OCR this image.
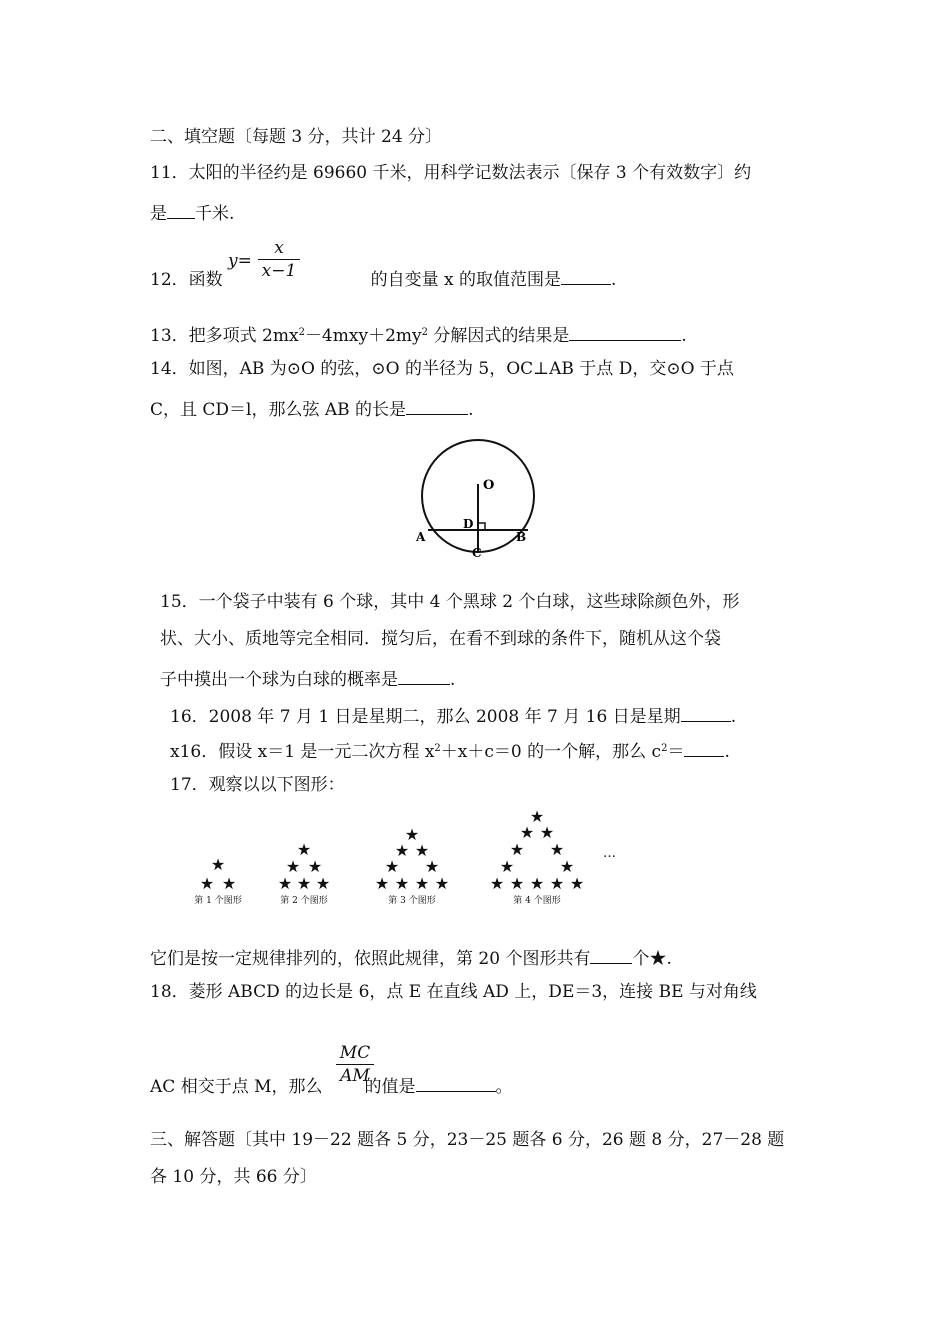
二、填空题〔每题 3 分，共计 24 分〕
11．太阳的半径约是 69660 千米，用科学记数法表示〔保存 3 个有效数字〕约
是 千米.
12．函数	的自变量 x 的取值范围是	.
y=
x
x−1
13．把多项式 $2mx^2-4mxy+2my^2$ 分解因式的结果是	.
14．如图，AB 为⊙O 的弦，⊙O 的半径为 5，OC⊥AB 于点 D，交⊙O 于点
C，且 CD＝l，那么弦 AB 的长是	.
O
D
A	B
C
15．一个袋子中装有 6 个球，其中 4 个黑球 2 个白球，这些球除颜色外，形
状、大小、质地等完全相同．搅匀后，在看不到球的条件下，随机从这个袋
子中摸出一个球为白球的概率是	.
16．2008 年 7 月 1 日是星期二，那么 2008 年 7 月 16 日是星期	.
x16．假设 x＝1 是一元二次方程 $x^2+x+c=0$ 的一个解，那么 $c^2=$ .
17．观察以以下图形：
★
★ ★
★
★ ★
★ ★ ★
★
★ ★
★ ★
★ ★ ★ ★
★
★ ★
★ ★
★	★
★ ★ ★ ★ ★
第 1 个图形	第 2 个图形	第 3 个图形	第 4 个图形
…
它们是按一定规律排列的，依照此规律，第 20 个图形共有 个★.
18．菱形 ABCD 的边长是 6，点 E 在直线 AD 上，DE＝3，连接 BE 与对角线
MC
AM
AC 相交于点 M，那么 的值是	。
三、解答题〔其中 19－22 题各 5 分，23－25 题各 6 分，26 题 8 分，27－28 题
各 10 分，共 66 分〕
